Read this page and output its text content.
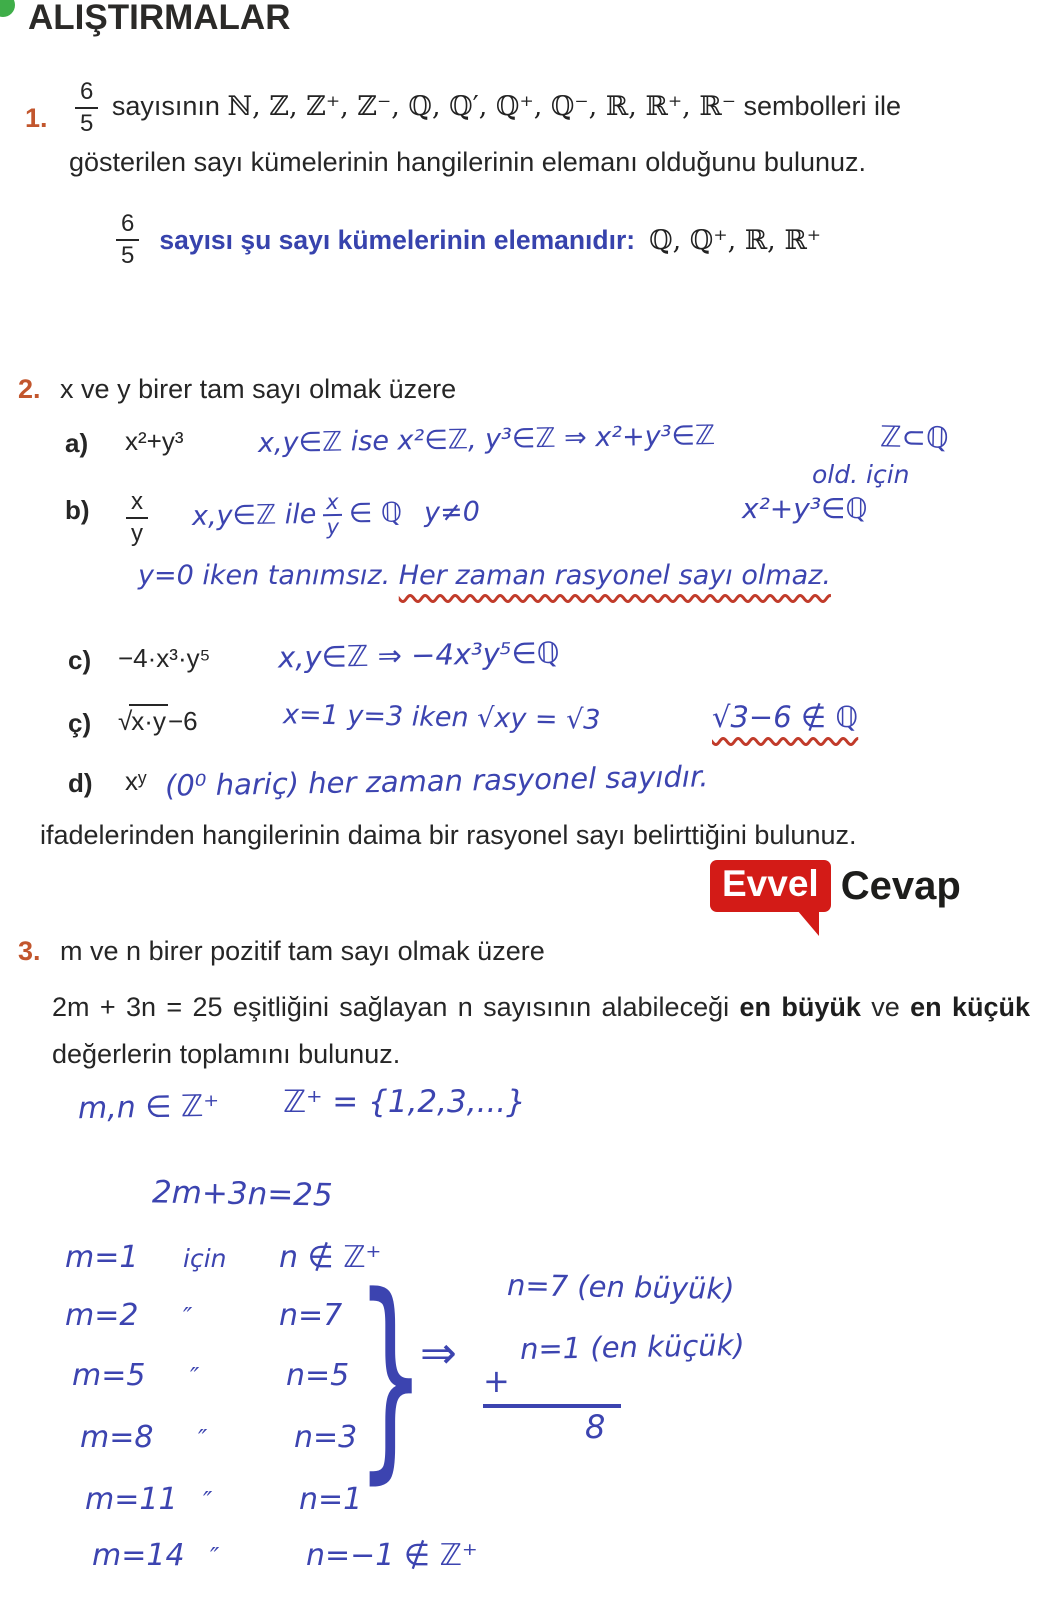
ALIŞTIRMALAR
1. $\frac{6}{5}$ sayısının ℕ, ℤ, ℤ⁺, ℤ⁻, ℚ, ℚ′, ℚ⁺, ℚ⁻, ℝ, ℝ⁺, ℝ⁻ sembolleri ile
gösterilen sayı kümelerinin hangilerinin elemanı olduğunu bulunuz.
6
5
sayısı şu sayı kümelerinin elemanıdır: ℚ, ℚ⁺, ℝ, ℝ⁺
2. x ve y birer tam sayı olmak üzere
a) x²+y³	x,y∈ℤ ise x²∈ℤ, y³∈ℤ ⇒ x²+y³∈ℤ	ℤ⊂ℚ
old. için
b) x
y
x,y∈ℤ ile $\frac{x}{y}$ ∈ ℚ y≠0	x²+y³∈ℚ
y=0 iken tanımsız. Her zaman rasyonel sayı olmaz.
c) −4·x³·y⁵ x,y∈ℤ ⇒ −4x³y⁵∈ℚ
ç) √x·y−6	x=1 y=3 iken √xy = √3	√3−6 ∉ ℚ
d) xʸ (0⁰ hariç) her zaman rasyonel sayıdır.
ifadelerinden hangilerinin daima bir rasyonel sayı belirttiğini bulunuz.
Evvel Cevap
3. m ve n birer pozitif tam sayı olmak üzere
2m + 3n = 25 eşitliğini sağlayan n sayısının alabileceği en büyük ve en küçük değerlerin toplamını bulunuz.
m,n ∈ ℤ⁺ ℤ⁺ = {1,2,3,...}
2m+3n=25
m=1	için	n ∉ ℤ⁺
m=2	″	n=7
m=5	″	n=5
m=8	″	n=3
m=11	″	n=1
m=14	″	n=−1 ∉ ℤ⁺
}
⇒
n=7 (en büyük)
n=1 (en küçük)
+
8
